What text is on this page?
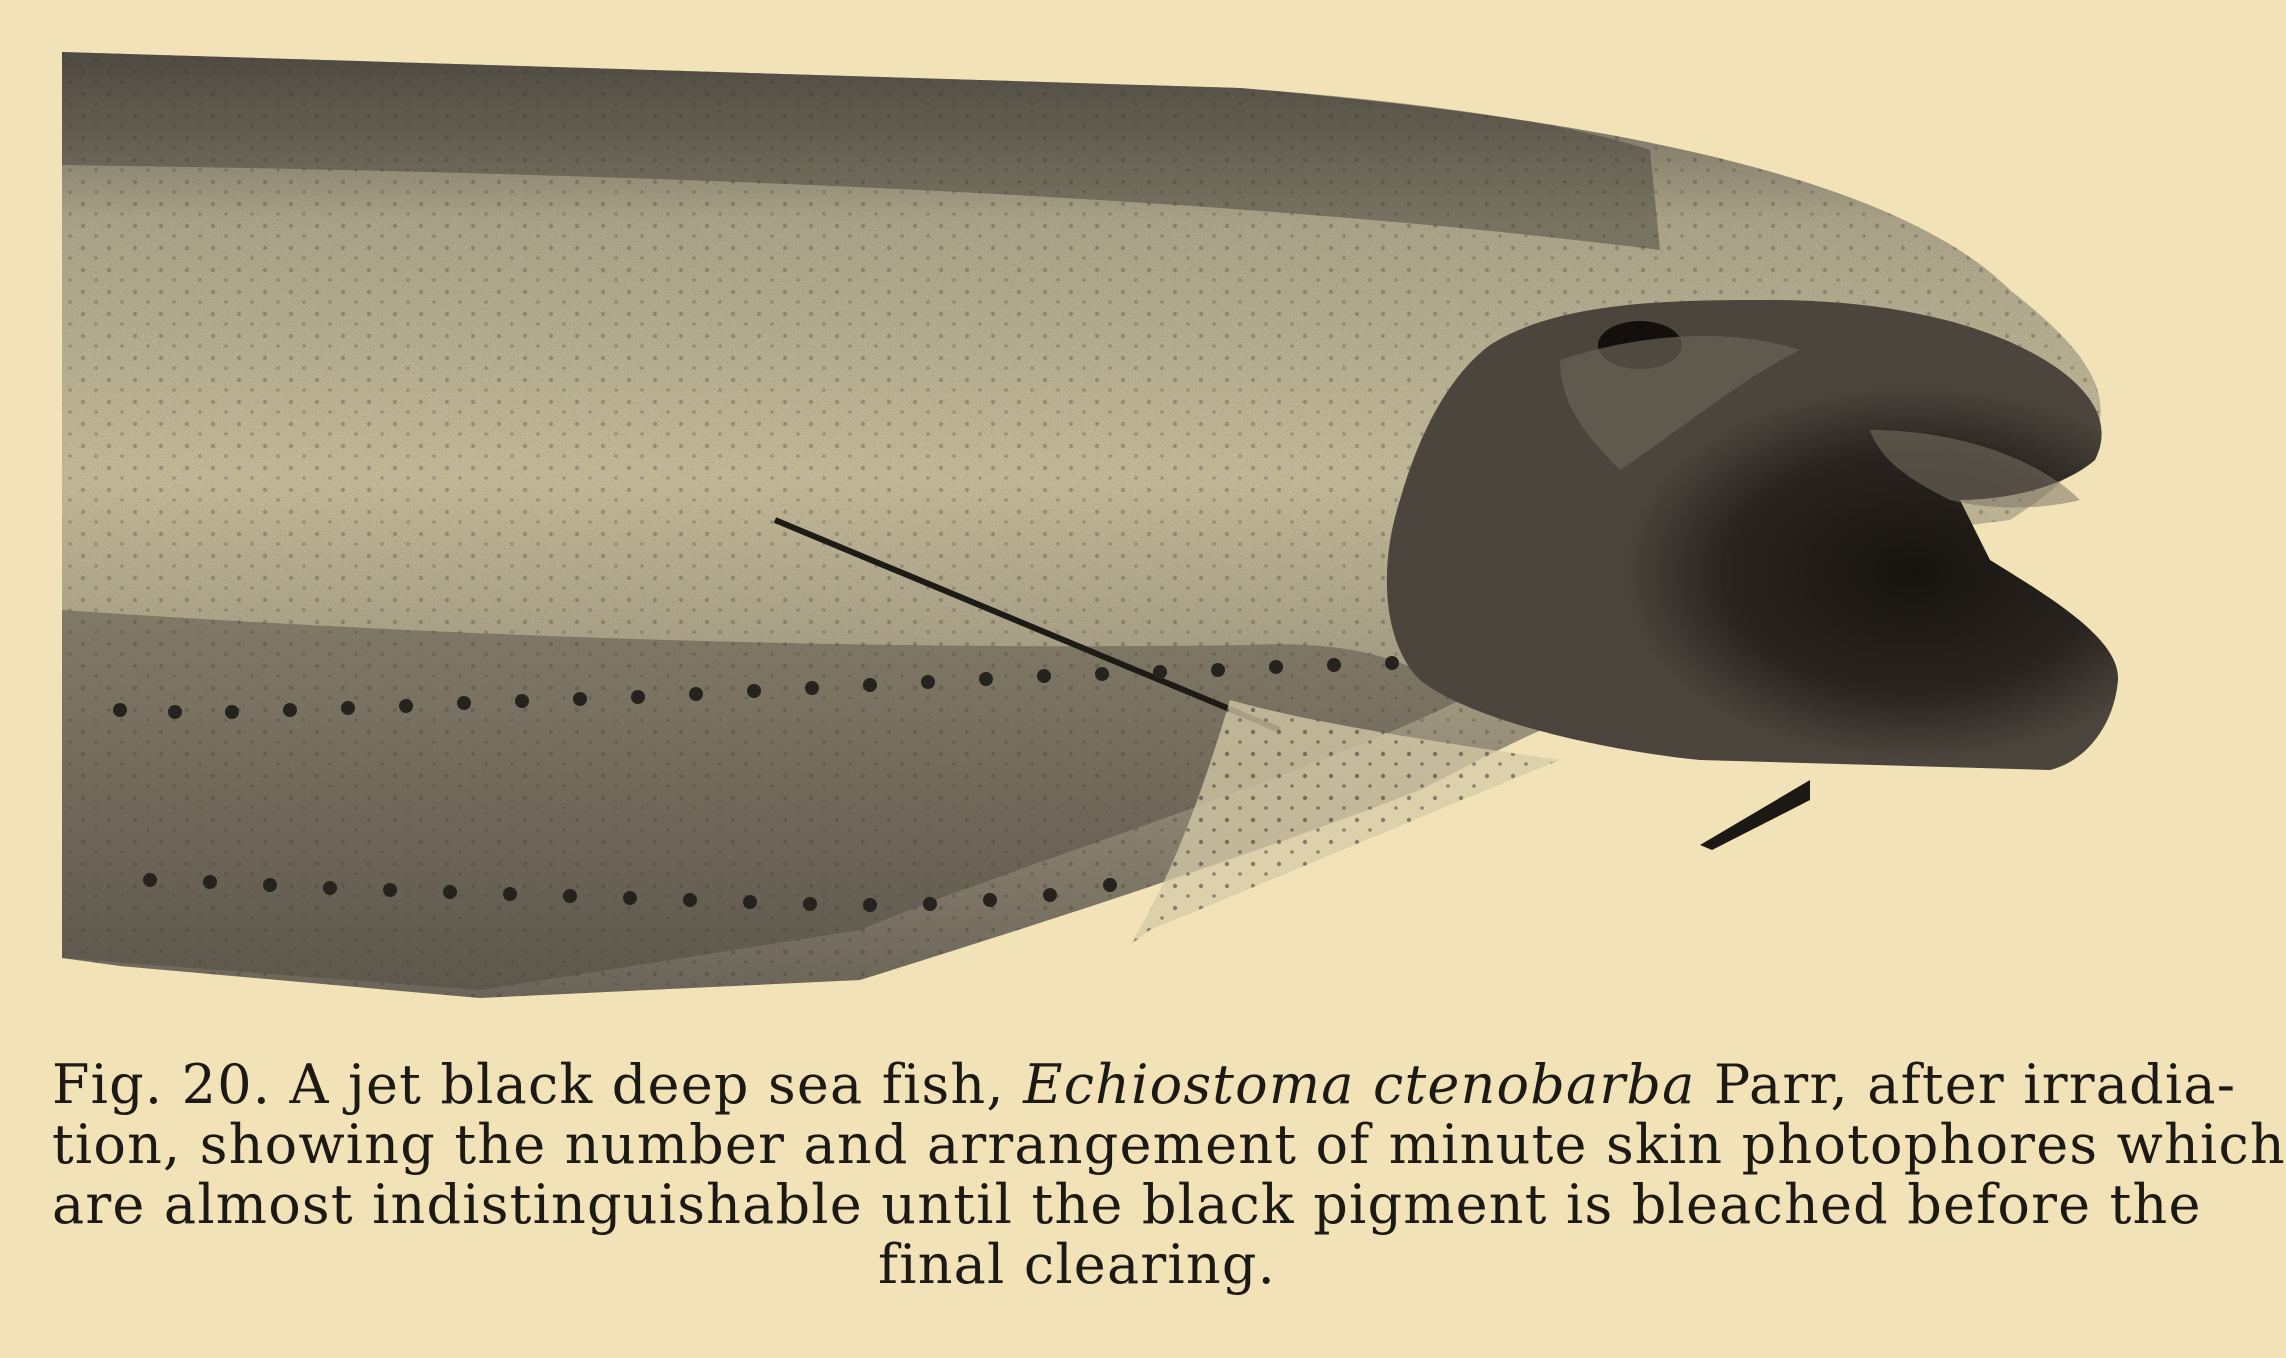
Fig. 20. A jet black deep sea fish, Echiostoma ctenobarba Parr, after irradia-
tion, showing the number and arrangement of minute skin photophores which
are almost indistinguishable until the black pigment is bleached before the
final clearing.
